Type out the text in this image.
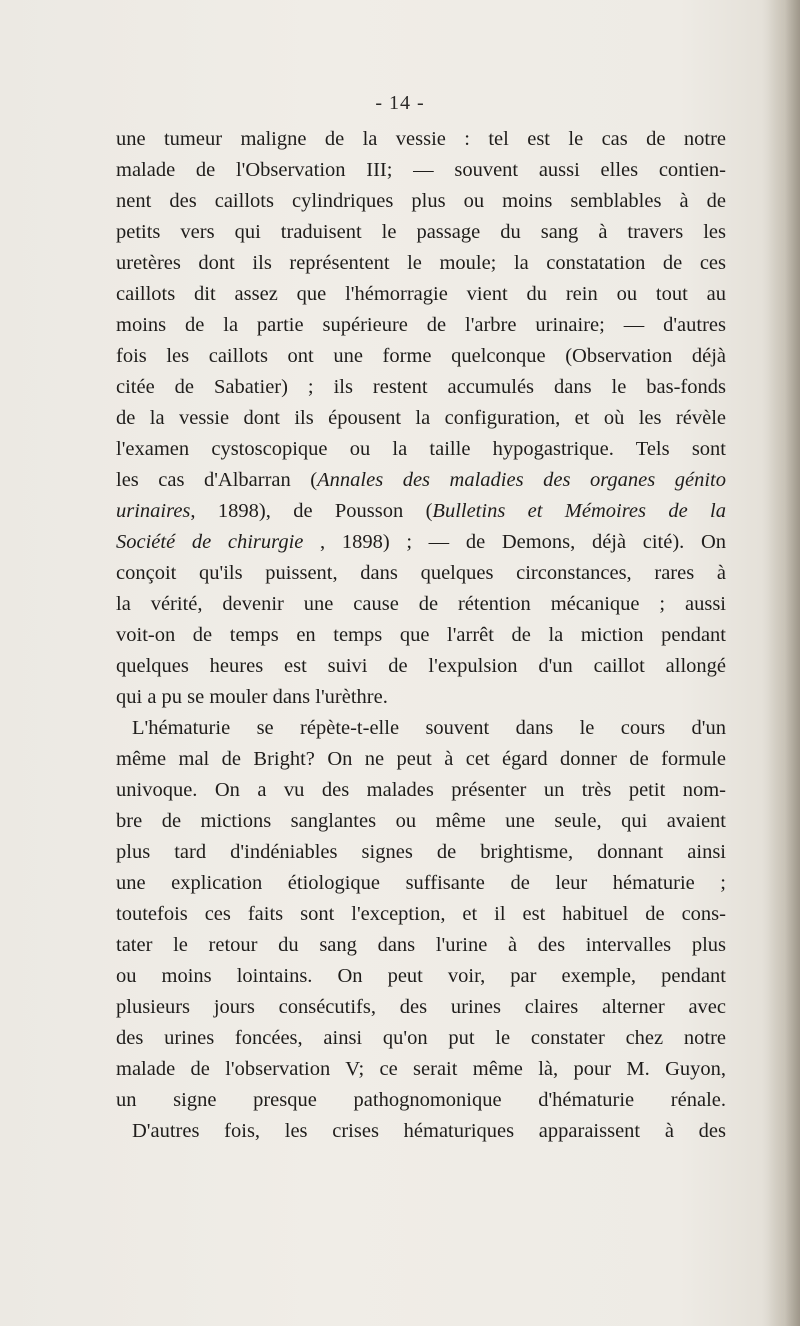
- 14 -
une tumeur maligne de la vessie : tel est le cas de notre
malade de l'Observation III; — souvent aussi elles contien-
nent des caillots cylindriques plus ou moins semblables à de
petits vers qui traduisent le passage du sang à travers les
uretères dont ils représentent le moule; la constatation de ces
caillots dit assez que l'hémorragie vient du rein ou tout au
moins de la partie supérieure de l'arbre urinaire; — d'autres
fois les caillots ont une forme quelconque (Observation déjà
citée de Sabatier) ; ils restent accumulés dans le bas-fonds
de la vessie dont ils épousent la configuration, et où les révèle
l'examen cystoscopique ou la taille hypogastrique. Tels sont
les cas d'Albarran (Annales des maladies des organes génito
urinaires, 1898), de Pousson (Bulletins et Mémoires de la
Société de chirurgie , 1898) ; — de Demons, déjà cité). On
conçoit qu'ils puissent, dans quelques circonstances, rares à
la vérité, devenir une cause de rétention mécanique ; aussi
voit-on de temps en temps que l'arrêt de la miction pendant
quelques heures est suivi de l'expulsion d'un caillot allongé
qui a pu se mouler dans l'urèthre.
L'hématurie se répète-t-elle souvent dans le cours d'un
même mal de Bright? On ne peut à cet égard donner de formule
univoque. On a vu des malades présenter un très petit nom-
bre de mictions sanglantes ou même une seule, qui avaient
plus tard d'indéniables signes de brightisme, donnant ainsi
une explication étiologique suffisante de leur hématurie ;
toutefois ces faits sont l'exception, et il est habituel de cons-
tater le retour du sang dans l'urine à des intervalles plus
ou moins lointains. On peut voir, par exemple, pendant
plusieurs jours consécutifs, des urines claires alterner avec
des urines foncées, ainsi qu'on put le constater chez notre
malade de l'observation V; ce serait même là, pour M. Guyon,
un signe presque pathognomonique d'hématurie rénale.
D'autres fois, les crises hématuriques apparaissent à des
